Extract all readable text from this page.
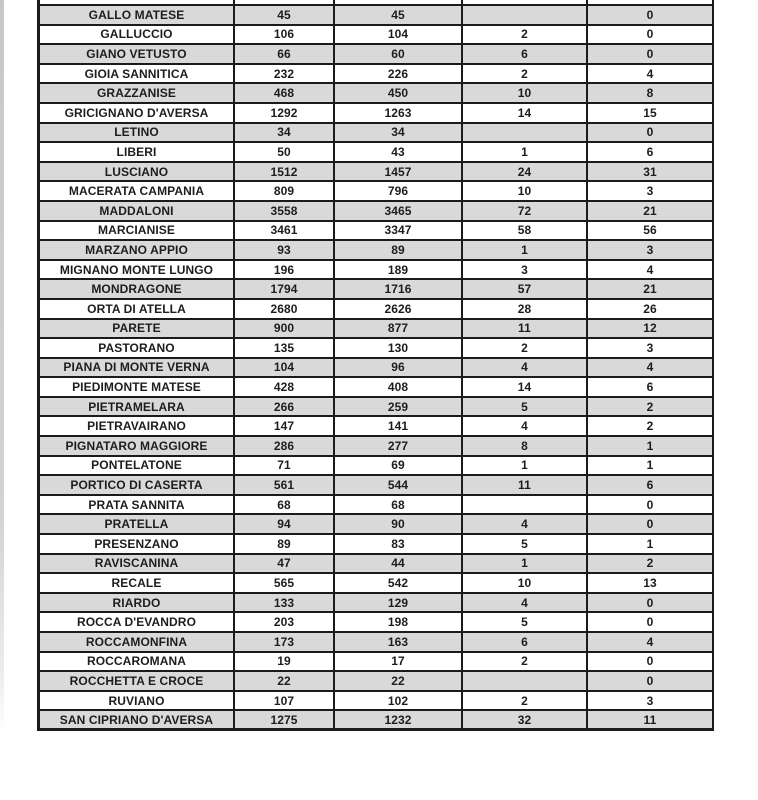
GALLO MATESE	45	45		0
GALLUCCIO	106	104	2	0
GIANO VETUSTO	66	60	6	0
GIOIA SANNITICA	232	226	2	4
GRAZZANISE	468	450	10	8
GRICIGNANO D'AVERSA	1292	1263	14	15
LETINO	34	34		0
LIBERI	50	43	1	6
LUSCIANO	1512	1457	24	31
MACERATA CAMPANIA	809	796	10	3
MADDALONI	3558	3465	72	21
MARCIANISE	3461	3347	58	56
MARZANO APPIO	93	89	1	3
MIGNANO MONTE LUNGO	196	189	3	4
MONDRAGONE	1794	1716	57	21
ORTA DI ATELLA	2680	2626	28	26
PARETE	900	877	11	12
PASTORANO	135	130	2	3
PIANA DI MONTE VERNA	104	96	4	4
PIEDIMONTE MATESE	428	408	14	6
PIETRAMELARA	266	259	5	2
PIETRAVAIRANO	147	141	4	2
PIGNATARO MAGGIORE	286	277	8	1
PONTELATONE	71	69	1	1
PORTICO DI CASERTA	561	544	11	6
PRATA SANNITA	68	68		0
PRATELLA	94	90	4	0
PRESENZANO	89	83	5	1
RAVISCANINA	47	44	1	2
RECALE	565	542	10	13
RIARDO	133	129	4	0
ROCCA D'EVANDRO	203	198	5	0
ROCCAMONFINA	173	163	6	4
ROCCAROMANA	19	17	2	0
ROCCHETTA E CROCE	22	22		0
RUVIANO	107	102	2	3
SAN CIPRIANO D'AVERSA	1275	1232	32	11
